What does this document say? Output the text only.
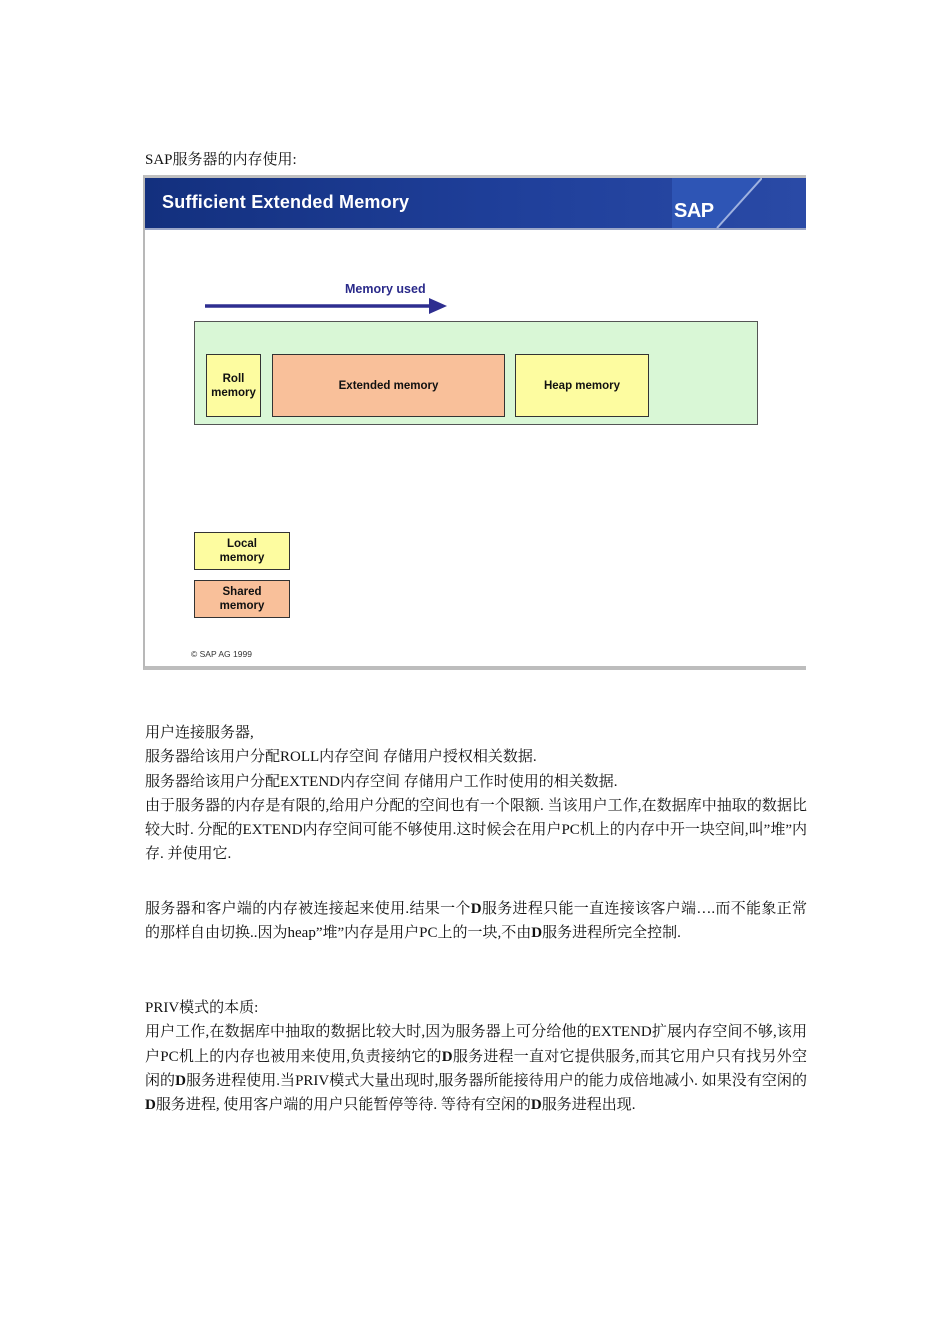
SAP服务器的内存使用:
Sufficient Extended Memory	SAP
Memory used
Roll memory
Extended memory	Heap memory
Local memory
Shared memory
© SAP AG 1999

用户连接服务器,

服务器给该用户分配ROLL内存空间 存储用户授权相关数据.

服务器给该用户分配EXTEND内存空间 存储用户工作时使用的相关数据.

由于服务器的内存是有限的,给用户分配的空间也有一个限额. 当该用户工作,在数据库中抽取的数据比较大时. 分配的EXTEND内存空间可能不够使用.这时候会在用户PC机上的内存中开一块空间,叫”堆”内存. 并使用它.

服务器和客户端的内存被连接起来使用.结果一个D服务进程只能一直连接该客户端….而不能象正常的那样自由切换..因为heap”堆”内存是用户PC上的一块,不由D服务进程所完全控制.

PRIV模式的本质:

用户工作,在数据库中抽取的数据比较大时,因为服务器上可分给他的EXTEND扩展内存空间不够,该用户PC机上的内存也被用来使用,负责接纳它的D服务进程一直对它提供服务,而其它用户只有找另外空闲的D服务进程使用.当PRIV模式大量出现时,服务器所能接待用户的能力成倍地减小. 如果没有空闲的D服务进程, 使用客户端的用户只能暂停等待. 等待有空闲的D服务进程出现.
